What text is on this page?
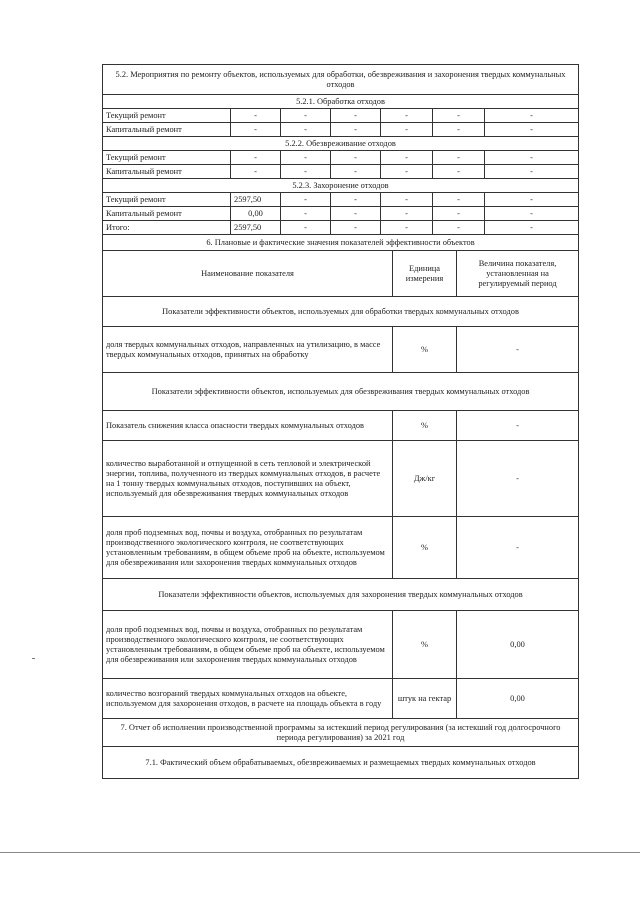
5.2. Мероприятия по ремонту объектов, используемых для обработки, обезвреживания и захоронения твердых коммунальных отходов						
5.2.1. Обработка отходов						
Текущий ремонт	-	-	-	-	-	-
Капитальный ремонт	-	-	-	-	-	-
5.2.2. Обезвреживание отходов						
Текущий ремонт	-	-	-	-	-	-
Капитальный ремонт	-	-	-	-	-	-
5.2.3. Захоронение отходов						
Текущий ремонт	2597,50	-	-	-	-	-
Капитальный ремонт	0,00	-	-	-	-	-
Итого:	2597,50	-	-	-	-	-
6. Плановые и фактические значения показателей эффективности объектов		
Наименование показателя	Единица измерения	Величина показателя, установленная на регулируемый период
Показатели эффективности объектов, используемых для обработки твердых коммунальных отходов		
доля твердых коммунальных отходов, направленных на утилизацию, в массе твердых коммунальных отходов, принятых на обработку	%	-
Показатели эффективности объектов, используемых для обезвреживания твердых коммунальных отходов		
Показатель снижения класса опасности твердых коммунальных отходов	%	-
количество выработанной и отпущенной в сеть тепловой и электрической энергии, топлива, полученного из твердых коммунальных отходов, в расчете на 1 тонну твердых коммунальных отходов, поступивших на объект, используемый для обезвреживания твердых коммунальных отходов	Дж/кг	-
доля проб подземных вод, почвы и воздуха, отобранных по результатам производственного экологического контроля, не соответствующих установленным требованиям, в общем объеме проб на объекте, используемом для обезвреживания или захоронения твердых коммунальных отходов	%	-
Показатели эффективности объектов, используемых для захоронения твердых коммунальных отходов		
доля проб подземных вод, почвы и воздуха, отобранных по результатам производственного экологического контроля, не соответствующих установленным требованиям, в общем объеме проб на объекте, используемом для обезвреживания или захоронения твердых коммунальных отходов	%	0,00
количество возгораний твердых коммунальных отходов на объекте, используемом для захоронения отходов, в расчете на площадь объекта в году	штук на гектар	0,00
7. Отчет об исполнении производственной программы за истекший период регулирования (за истекший год долгосрочного периода регулирования) за 2021 год		
7.1. Фактический объем обрабатываемых, обезвреживаемых и размещаемых твердых коммунальных отходов		
